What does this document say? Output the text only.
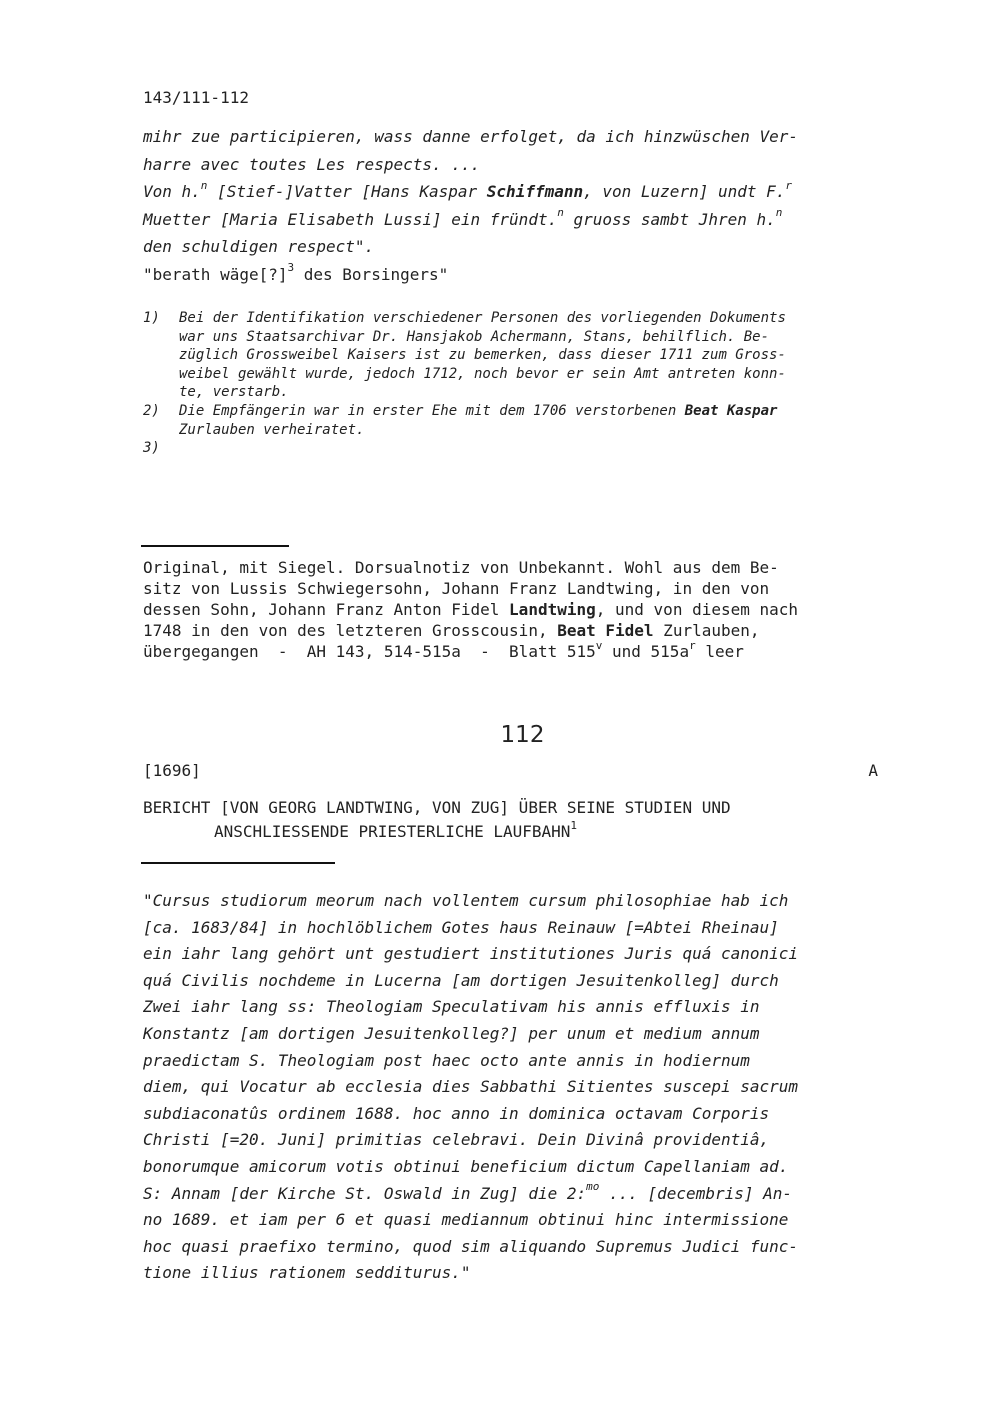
143/111-112
mihr zue participieren, wass danne erfolget, da ich hinzwüschen Ver-
harre avec toutes Les respects. ...
Von h.$^n$ [Stief-]Vatter [Hans Kaspar Schiffmann, von Luzern] undt F.$^r$
Muetter [Maria Elisabeth Lussi] ein fründt.$^n$ gruoss sambt Jhren h.$^n$
den schuldigen respect".
"berath wäge[?]$^3$ des Borsingers"
1)	Bei der Identifikation verschiedener Personen des vorliegenden Dokuments
war uns Staatsarchivar Dr. Hansjakob Achermann, Stans, behilflich. Be-
züglich Grossweibel Kaisers ist zu bemerken, dass dieser 1711 zum Gross-
weibel gewählt wurde, jedoch 1712, noch bevor er sein Amt antreten konn-
te, verstarb.
2)	Die Empfängerin war in erster Ehe mit dem 1706 verstorbenen Beat Kaspar
Zurlauben verheiratet.
3)
Original, mit Siegel. Dorsualnotiz von Unbekannt. Wohl aus dem Be-
sitz von Lussis Schwiegersohn, Johann Franz Landtwing, in den von
dessen Sohn, Johann Franz Anton Fidel Landtwing, und von diesem nach
1748 in den von des letzteren Grosscousin, Beat Fidel Zurlauben,
übergegangen  -  AH 143, 514-515a  -  Blatt 515$^v$ und $515a^r$ leer
112
[1696]	A
BERICHT [VON GEORG LANDTWING, VON ZUG] ÜBER SEINE STUDIEN UND
ANSCHLIESSENDE PRIESTERLICHE LAUFBAHN$^1$
"Cursus studiorum meorum nach vollentem cursum philosophiae hab ich
[ca. 1683/84] in hochlöblichem Gotes haus Reinauw [=Abtei Rheinau]
ein iahr lang gehört unt gestudiert institutiones Juris quá canonici
quá Civilis nochdeme in Lucerna [am dortigen Jesuitenkolleg] durch
Zwei iahr lang ss: Theologiam Speculativam his annis effluxis in
Konstantz [am dortigen Jesuitenkolleg?] per unum et medium annum
praedictam S. Theologiam post haec octo ante annis in hodiernum
diem, qui Vocatur ab ecclesia dies Sabbathi Sitientes suscepi sacrum
subdiaconatûs ordinem 1688. hoc anno in dominica octavam Corporis
Christi [=20. Juni] primitias celebravi. Dein Divinâ providentiâ,
bonorumque amicorum votis obtinui beneficium dictum Capellaniam ad.
S: Annam [der Kirche St. Oswald in Zug] die 2:$^{mo}$ ... [decembris] An-
no 1689. et iam per 6 et quasi mediannum obtinui hinc intermissione
hoc quasi praefixo termino, quod sim aliquando Supremus Judici func-
tione illius rationem sedditurus."
